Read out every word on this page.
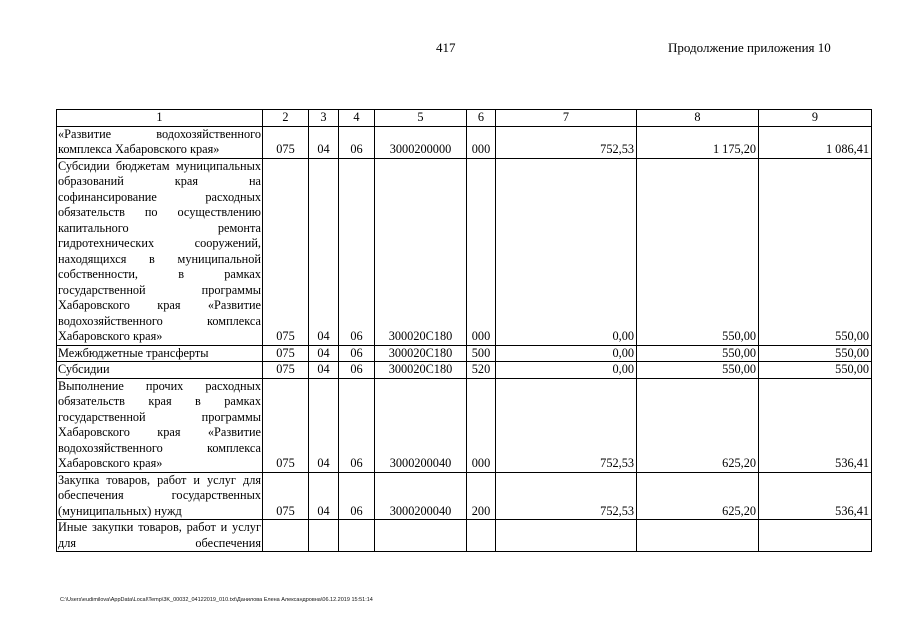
417	Продолжение приложения 10
1	2	3	4	5	6	7	8	9
«Развитие водохозяйственного комплекса Хабаровского края»	075	04	06	3000200000	000	752,53	1 175,20	1 086,41
Субсидии бюджетам муниципальных образований края на софинансирование расходных обязательств по осуществлению капитального ремонта гидротехнических сооружений, находящихся в муниципальной собственности, в рамках государственной программы Хабаровского края «Развитие водохозяйственного комплекса Хабаровского края»	075	04	06	300020С180	000	0,00	550,00	550,00
Межбюджетные трансферты	075	04	06	300020С180	500	0,00	550,00	550,00
Субсидии	075	04	06	300020С180	520	0,00	550,00	550,00
Выполнение прочих расходных обязательств края в рамках государственной программы Хабаровского края «Развитие водохозяйственного комплекса Хабаровского края»	075	04	06	3000200040	000	752,53	625,20	536,41
Закупка товаров, работ и услуг для обеспечения государственных (муниципальных) нужд	075	04	06	3000200040	200	752,53	625,20	536,41
Иные закупки товаров, работ и услуг для обеспечения								
C:\Users\eudimilova\AppData\Local\Temp\3K_00032_04122019_010.txt\Данилова Елена Александровна\06.12.2019 15:51:14
